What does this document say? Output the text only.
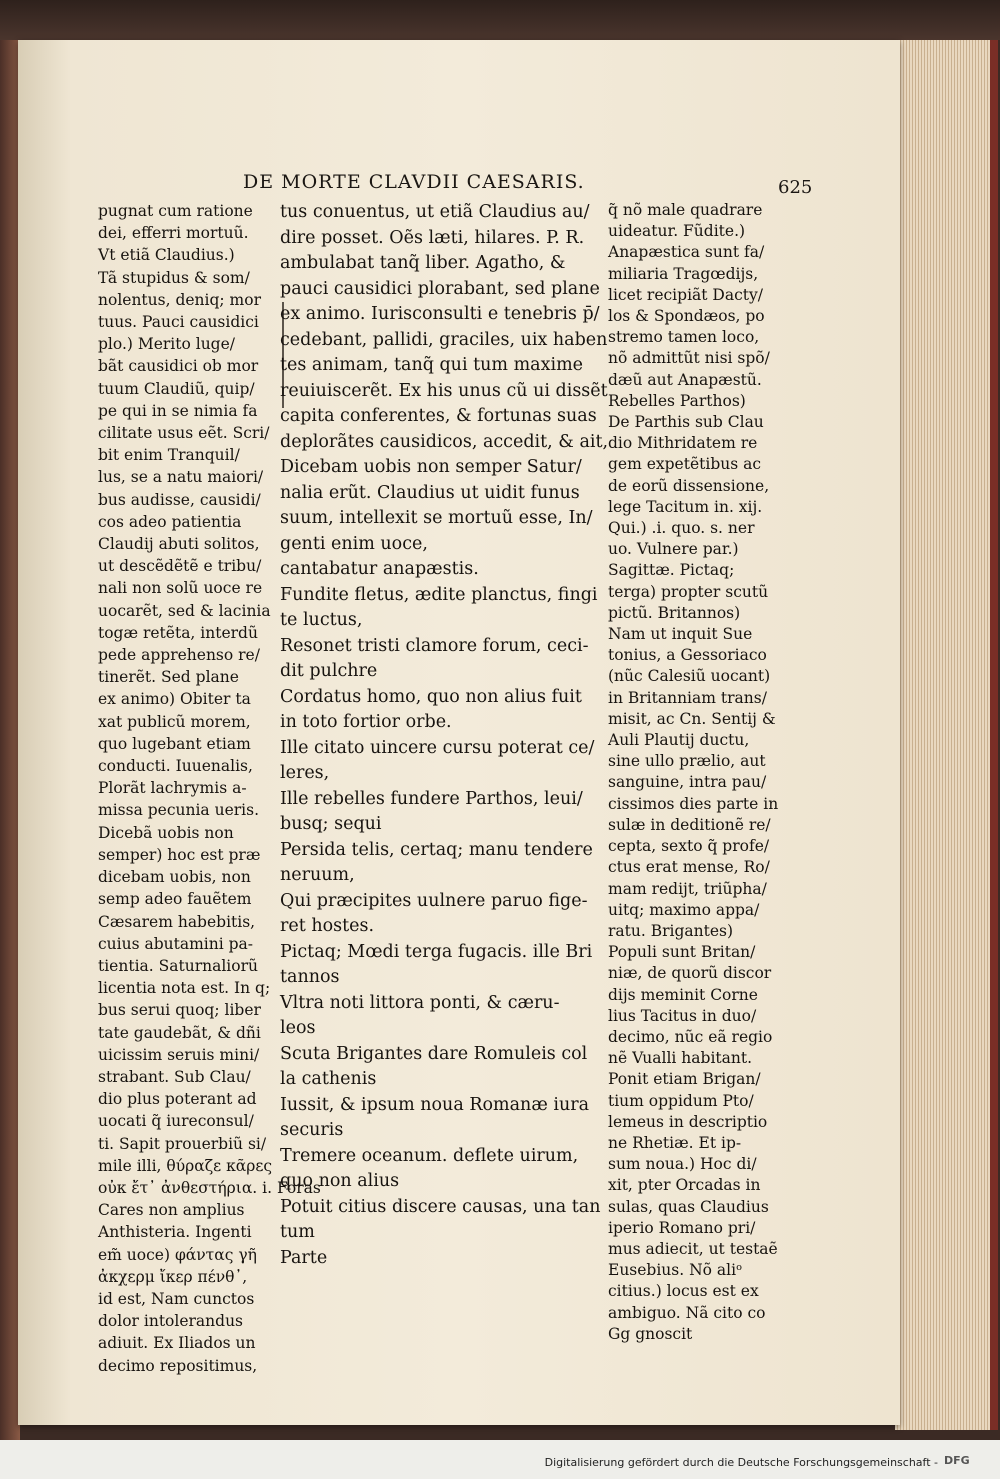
DE MORTE CLAVDII CAESARIS.	625
pugnat cum ratione
dei, efferri mortuũ.
Vt etiã Claudius.)
Tã stupidus & som/
nolentus, deniq; mor
tuus. Pauci causidici
plo.) Merito luge/
bãt causidici ob mor
tuum Claudiũ, quip/
pe qui in se nimia fa
cilitate usus eẽt. Scri/
bit enim Tranquil/
lus, se a natu maiori/
bus audisse, causidi/
cos adeo patientia
Claudij abuti solitos,
ut descẽdẽtẽ e tribu/
nali non solũ uoce re
uocarẽt, sed & lacinia
togæ retẽta, interdũ
pede apprehenso re/
tinerẽt. Sed plane
ex animo) Obiter ta
xat publicũ morem,
quo lugebant etiam
conducti. Iuuenalis,
Plorãt lachrymis a-
missa pecunia ueris.
Dicebã uobis non
semper) hoc est præ
dicebam uobis, non
semp adeo fauẽtem
Cæsarem habebitis,
cuius abutamini pa-
tientia. Saturnaliorũ
licentia nota est. In q;
bus serui quoq; liber
tate gaudebãt, & dñi
uicissim seruis mini/
strabant. Sub Clau/
dio plus poterant ad
uocati q̃ iureconsul/
ti. Sapit prouerbiũ si/
mile illi, θύραζε κᾶρες
οὐκ ἔτ᾽ ἀνθεστήρια. i. Foras
Cares non amplius
Anthisteria. Ingenti
em̃ uoce) φάντας γῆ
ἀκχερμ ἴκερ πένθ᾽,
id est, Nam cunctos
dolor intolerandus
adiuit. Ex Iliados un
decimo repositimus,
tus conuentus, ut etiã Claudius au/
dire posset. Oẽs læti, hilares. P. R.
ambulabat tanq̃ liber. Agatho, &
pauci causidici plorabant, sed plane
ex animo. Iurisconsulti e tenebris p̄/
cedebant, pallidi, graciles, uix haben
tes animam, tanq̃ qui tum maxime
reuiuiscerẽt. Ex his unus cũ ui dissẽt
capita conferentes, & fortunas suas
deplorãtes causidicos, accedit, & ait,
Dicebam uobis non semper Satur/
nalia erũt. Claudius ut uidit funus
suum, intellexit se mortuũ esse, In/
genti enim uoce,
cantabatur anapæstis.
Fundite fletus, ædite planctus, fingi
te luctus,
Resonet tristi clamore forum, ceci-
dit pulchre
Cordatus homo, quo non alius fuit
in toto fortior orbe.
Ille citato uincere cursu poterat ce/
leres,
Ille rebelles fundere Parthos, leui/
busq; sequi
Persida telis, certaq; manu tendere
neruum,
Qui præcipites uulnere paruo fige-
ret hostes.
Pictaq; Mœdi terga fugacis. ille Bri
tannos
Vltra noti littora ponti, & cæru-
leos
Scuta Brigantes dare Romuleis col
la cathenis
Iussit, & ipsum noua Romanæ iura
securis
Tremere oceanum. deflete uirum,
quo non alius
Potuit citius discere causas, una tan
tum
Parte
q̃ nõ male quadrare
uideatur. Fũdite.)
Anapæstica sunt fa/
miliaria Tragœdijs,
licet recipiãt Dacty/
los & Spondæos, po
stremo tamen loco,
nõ admittũt nisi spõ/
dæũ aut Anapæstũ.
Rebelles Parthos)
De Parthis sub Clau
dio Mithridatem re
gem expetẽtibus ac
de eorũ dissensione,
lege Tacitum in. xij.
Qui.) .i. quo. s. ner
uo. Vulnere par.)
Sagittæ. Pictaq;
terga) propter scutũ
pictũ. Britannos)
Nam ut inquit Sue
tonius, a Gessoriaco
(nũc Calesiũ uocant)
in Britanniam trans/
misit, ac Cn. Sentij &
Auli Plautij ductu,
sine ullo prælio, aut
sanguine, intra pau/
cissimos dies parte in
sulæ in deditionẽ re/
cepta, sexto q̃ profe/
ctus erat mense, Ro/
mam redijt, triũpha/
uitq; maximo appa/
ratu. Brigantes)
Populi sunt Britan/
niæ, de quorũ discor
dijs meminit Corne
lius Tacitus in duo/
decimo, nũc eã regio
nẽ Vualli habitant.
Ponit etiam Brigan/
tium oppidum Pto/
lemeus in descriptio
ne Rhetiæ. Et ip-
sum noua.) Hoc di/
xit, pter Orcadas in
sulas, quas Claudius
iperio Romano pri/
mus adiecit, ut testaẽ
Eusebius. Nõ aliᵒ
citius.) locus est ex
ambiguo. Nã cito co
Gg gnoscit
Digitalisierung gefördert durch die Deutsche Forschungsgemeinschaft - DFG
